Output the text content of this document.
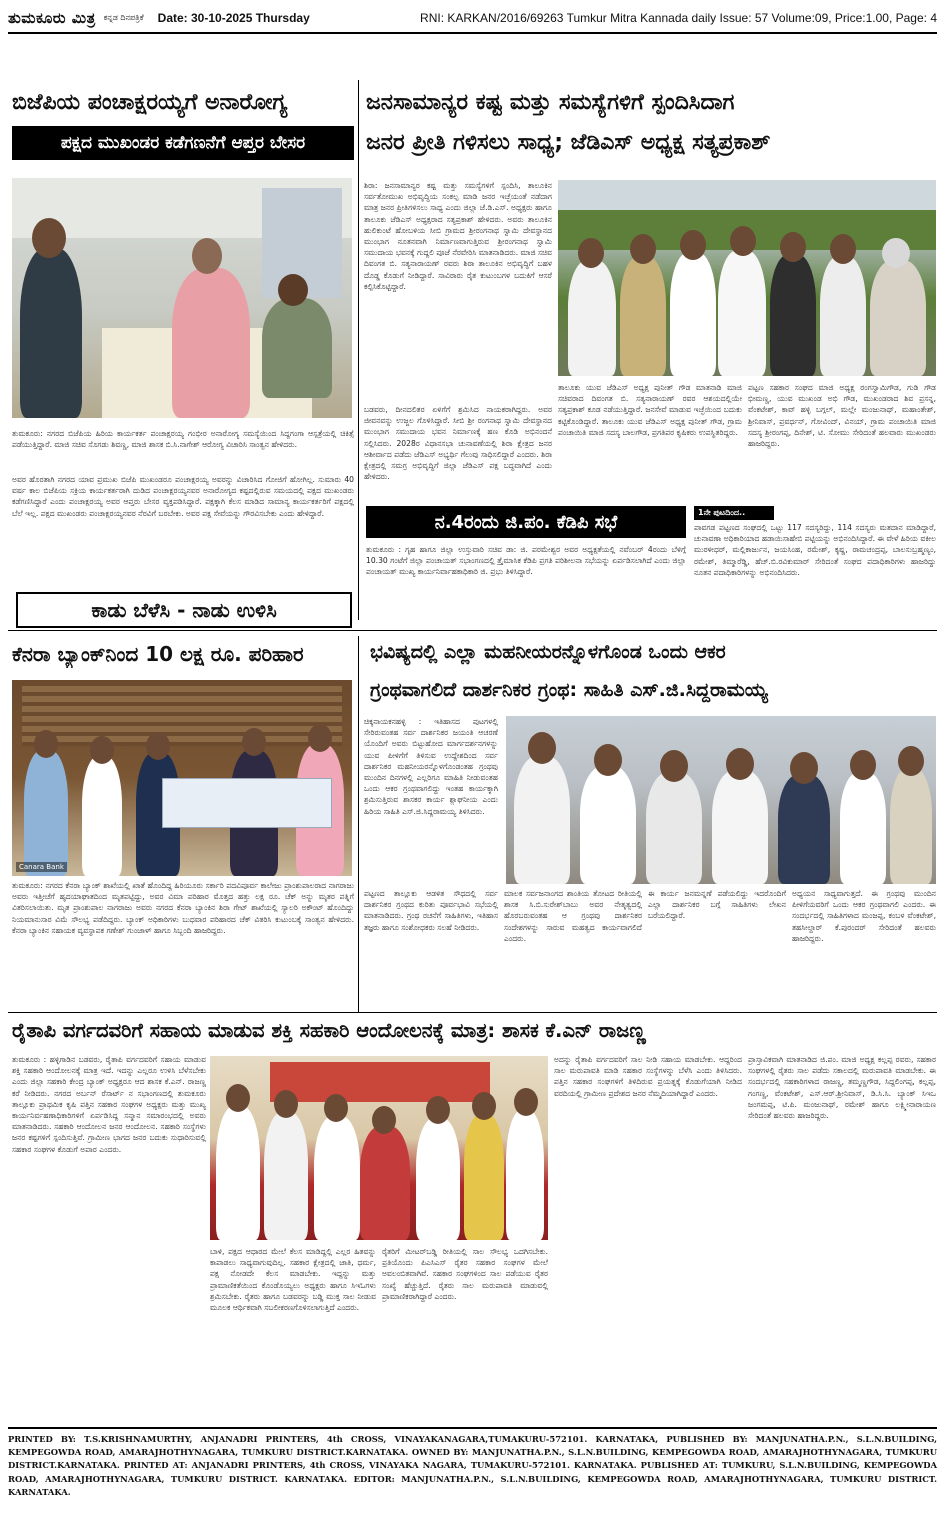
ತುಮಕೂರು ಮಿತ್ರ ಕನ್ನಡ ದಿನಪತ್ರಿಕೆ Date: 30-10-2025 Thursday	RNI: KARKAN/2016/69263 Tumkur Mitra Kannada daily Issue: 57 Volume:09, Price:1.00, Page: 4
ಬಿಜೆಪಿಯ ಪಂಚಾಕ್ಷರಯ್ಯಗೆ ಅನಾರೋಗ್ಯ
ಪಕ್ಷದ ಮುಖಂಡರ ಕಡೆಗಣನೆಗೆ ಆಪ್ತರ ಬೇಸರ
ತುಮಕೂರು: ನಗರದ ಬಿಜೆಪಿಯ ಹಿರಿಯ ಕಾರ್ಯಕರ್ತ ಪಂಚಾಕ್ಷರಯ್ಯ ಗಂಭೀರ ಅನಾರೋಗ್ಯ ಸಮಸ್ಯೆಯಿಂದ ಸಿದ್ದಗಂಗಾ ಆಸ್ಪತ್ರೆಯಲ್ಲಿ ಚಿಕಿತ್ಸೆ ಪಡೆಯುತ್ತಿದ್ದಾರೆ. ಮಾಜಿ ಸಚಿವ ಸೊಗಡು ಶಿವಣ್ಣ, ಮಾಜಿ ಶಾಸಕ ಬಿ.ಸಿ.ನಾಗೇಶ್ ಆರೋಗ್ಯ ವಿಚಾರಿಸಿ ಸಾಂತ್ವನ ಹೇಳಿದರು.
ಅವರ ಹೊರತಾಗಿ ನಗರದ ಯಾವ ಪ್ರಮುಖ ಬಿಜೆಪಿ ಮುಖಂಡರೂ ಪಂಚಾಕ್ಷರಯ್ಯ ಅವರನ್ನು ವಿಚಾರಿಸಿದ ಗೋಜಿಗೆ ಹೋಗಿಲ್ಲ. ಸುಮಾರು 40 ವರ್ಷ ಕಾಲ ಬಿಜೆಪಿಯ ಸಕ್ರಿಯ ಕಾರ್ಯಕರ್ತರಾಗಿ ದುಡಿದ ಪಂಚಾಕ್ಷರಯ್ಯನವರ ಅನಾರೋಗ್ಯದ ಕಷ್ಟದಲ್ಲಿರುವ ಸಮಯದಲ್ಲಿ ಪಕ್ಷದ ಮುಖಂಡರು ಕಡೆಗಣಿಸಿದ್ದಾರೆ ಎಂದು ಪಂಚಾಕ್ಷರಯ್ಯ ಅವರ ಆಪ್ತರು ಬೇಸರ ವ್ಯಕ್ತಪಡಿಸಿದ್ದಾರೆ. ಪಕ್ಷಕ್ಕಾಗಿ ಕೆಲಸ ಮಾಡಿದ ಸಾಮಾನ್ಯ ಕಾರ್ಯಕರ್ತರಿಗೆ ಪಕ್ಷದಲ್ಲಿ ಬೆಲೆ ಇಲ್ಲ. ಪಕ್ಷದ ಮುಖಂಡರು ಪಂಚಾಕ್ಷರಯ್ಯನವರ ನೆರವಿಗೆ ಬರಬೇಕು. ಅವರ ಪಕ್ಷ ಸೇವೆಯನ್ನು ಗೌರವಿಸಬೇಕು ಎಂದು ಹೇಳಿದ್ದಾರೆ.
ಜನಸಾಮಾನ್ಯರ ಕಷ್ಟ ಮತ್ತು ಸಮಸ್ಯೆಗಳಿಗೆ ಸ್ಪಂದಿಸಿದಾಗ
ಜನರ ಪ್ರೀತಿ ಗಳಿಸಲು ಸಾಧ್ಯ; ಜೆಡಿಎಸ್ ಅಧ್ಯಕ್ಷ ಸತ್ಯಪ್ರಕಾಶ್
ಶಿರಾ: ಜನಸಾಮಾನ್ಯರ ಕಷ್ಟ ಮತ್ತು ಸಮಸ್ಯೆಗಳಿಗೆ ಸ್ಪಂದಿಸಿ, ತಾಲೂಕಿನ ಸರ್ವತೋಮುಖ ಅಭಿವೃದ್ಧಿಯ ಸಂಕಲ್ಪ ಮಾಡಿ ಜನರ ಇಚ್ಛೆಯಂತೆ ನಡೆದಾಗ ಮಾತ್ರ ಜನರ ಪ್ರೀತಿಗಳಿಸಲು ಸಾಧ್ಯ ಎಂದು ಜಿಲ್ಲಾ ಜೆ.ಡಿ.ಎಸ್. ಅಧ್ಯಕ್ಷರು ಹಾಗೂ ತಾಲೂಕು ಜೆಡಿಎಸ್ ಅಧ್ಯಕ್ಷರಾದ ಸತ್ಯಪ್ರಕಾಶ್ ಹೇಳಿದರು. ಅವರು ತಾಲೂಕಿನ ಹುಲಿಕುಂಟೆ ಹೋಬಳಿಯ ಸೀಬಿ ಗ್ರಾಮದ ಶ್ರೀರಂಗನಾಥ ಸ್ವಾಮಿ ದೇವಸ್ಥಾನದ ಮುಂಭಾಗ ನೂತನವಾಗಿ ನಿರ್ಮಾಣವಾಗುತ್ತಿರುವ ಶ್ರೀರಂಗನಾಥ ಸ್ವಾಮಿ ಸಮುದಾಯ ಭವನಕ್ಕೆ ಗುದ್ದಲಿ ಪೂಜೆ ನೆರವೇರಿಸಿ ಮಾತನಾಡಿದರು. ಮಾಜಿ ಸಚಿವ ದಿವಂಗತ ಬಿ. ಸತ್ಯನಾರಾಯಣ್ ರವರು ಶಿರಾ ತಾಲೂಕಿನ ಅಭಿವೃದ್ಧಿಗೆ ಬಹಳ ದೊಡ್ಡ ಕೊಡುಗೆ ನೀಡಿದ್ದಾರೆ. ಸಾವಿರಾರು ರೈತ ಕುಟುಂಬಗಳ ಬದುಕಿಗೆ ಆಸರೆ ಕಲ್ಪಿಸಿಕೊಟ್ಟಿದ್ದಾರೆ.
ಬಡವರು, ದೀನದಲಿತರ ಏಳಿಗೆಗೆ ಶ್ರಮಿಸಿದ ನಾಯಕರಾಗಿದ್ದರು. ಅವರ ಜೀವನವನ್ನು ಉಜ್ಜಲ ಗೊಳಿಸಿದ್ದಾರೆ. ಸೀಬಿ ಶ್ರೀ ರಂಗನಾಥ ಸ್ವಾಮಿ ದೇವಸ್ಥಾನದ ಮುಂಭಾಗ ಸಮುದಾಯ ಭವನ ನಿರ್ಮಾಣಕ್ಕೆ ಹಣ ಕೊಡಿ ಅಭಿನಂದನೆ ಸಲ್ಲಿಸಿದರು. 2028ರ ವಿಧಾನಸಭಾ ಚುನಾವಣೆಯಲ್ಲಿ ಶಿರಾ ಕ್ಷೇತ್ರದ ಜನರ ಆಶೀರ್ವಾದ ಪಡೆದು ಜೆಡಿಎಸ್ ಅಭ್ಯರ್ಥಿ ಗೆಲುವು ಸಾಧಿಸಲಿದ್ದಾರೆ ಎಂದರು. ಶಿರಾ ಕ್ಷೇತ್ರದಲ್ಲಿ ಸಮಗ್ರ ಅಭಿವೃದ್ಧಿಗೆ ಜಿಲ್ಲಾ ಜೆಡಿಎಸ್ ಪಕ್ಷ ಬದ್ಧವಾಗಿದೆ ಎಂದು ಹೇಳಿದರು.
ತಾಲೂಕು ಯುವ ಜೆಡಿಎಸ್ ಅಧ್ಯಕ್ಷ ಪುನೀತ್ ಗೌಡ ಮಾತನಾಡಿ ಮಾಜಿ ಸಚಿವರಾದ ದಿವಂಗತ ಬಿ. ಸತ್ಯನಾರಾಯಣ್ ರವರ ಆಶಯದಲ್ಲಿಯೇ ಸತ್ಯಪ್ರಕಾಶ್ ಕೂಡ ನಡೆಯುತ್ತಿದ್ದಾರೆ. ಜನಸೇವೆ ಮಾಡುವ ಇಚ್ಛೆಯಿಂದ ಬದುಕು ಕಟ್ಟಿಕೊಂಡಿದ್ದಾರೆ. ತಾಲೂಕು ಯುವ ಜೆಡಿಎಸ್ ಅಧ್ಯಕ್ಷ ಪುನೀತ್ ಗೌಡ, ಗ್ರಾಮ ಪಂಚಾಯಿತಿ ಮಾಜಿ ಸದಸ್ಯ ಬಾಲಗೌಡ, ಪ್ರಗತಿಪರ ಕೃಷಿಕರು ಉಪಸ್ಥಿತರಿದ್ದರು.
ಪಟ್ಟಣ ಸಹಕಾರ ಸಂಘದ ಮಾಜಿ ಅಧ್ಯಕ್ಷ ರಂಗಸ್ವಾಮಿಗೌಡ, ಗುಡಿ ಗೌಡ ಭೀಮಣ್ಣ, ಯುವ ಮುಖಂಡ ಅಭಿ ಗೌಡ, ಮುಖಂಡರಾದ ಶಿವ ಪ್ರಸನ್ನ, ವೆಂಕಟೇಶ್, ಕಾವ್ ಹಳ್ಳಿ ಬಗ್ಗಲ್, ಮಲ್ಲೇ ಮಂಜುನಾಥ್, ಮಹಾಂತೇಶ್, ಶ್ರೀನಿವಾಸ್, ಪ್ರವರ್ಧನ್, ಗೋವಿಂದ್, ವಿನಯ್, ಗ್ರಾಮ ಪಂಚಾಯಿತಿ ಮಾಜಿ ಸದಸ್ಯ ಶ್ರೀರಂಗಪ್ಪ, ದಿನೇಶ್, ಟಿ. ಸೋಮು ಸೇರಿದಂತೆ ಹಲವಾರು ಮುಖಂಡರು ಹಾಜರಿದ್ದರು.
ನ.4ರಂದು ಜಿ.ಪಂ. ಕೆಡಿಪಿ ಸಭೆ
ತುಮಕೂರು : ಗೃಹ ಹಾಗೂ ಜಿಲ್ಲಾ ಉಸ್ತುವಾರಿ ಸಚಿವ ಡಾ: ಜಿ. ಪರಮೇಶ್ವರ ಅವರ ಅಧ್ಯಕ್ಷತೆಯಲ್ಲಿ ನವೆಂಬರ್ 4ರಂದು ಬೆಳಿಗ್ಗೆ 10.30 ಗಂಟೆಗೆ ಜಿಲ್ಲಾ ಪಂಚಾಯತ್ ಸಭಾಂಗಣದಲ್ಲಿ ತ್ರೈಮಾಸಿಕ ಕೆಡಿಪಿ ಪ್ರಗತಿ ಪರಿಶೀಲನಾ ಸಭೆಯನ್ನು ಏರ್ಪಡಿಸಲಾಗಿದೆ ಎಂದು ಜಿಲ್ಲಾ ಪಂಚಾಯತ್ ಮುಖ್ಯ ಕಾರ್ಯನಿರ್ವಾಹಕಾಧಿಕಾರಿ ಜಿ. ಪ್ರಭು ತಿಳಿಸಿದ್ದಾರೆ.
1ನೇ ಪುಟದಿಂದ..
ಪಾವಗಡ ಪಟ್ಟಣದ ಸಂಘದಲ್ಲಿ ಒಟ್ಟು 117 ಸದಸ್ಯರಿದ್ದು, 114 ಸದಸ್ಯರು ಮತದಾನ ಮಾಡಿದ್ದಾರೆ, ಚುನಾವಣಾ ಅಧಿಕಾರಿಯಾದ ಹಡಾಯಿಸಾಹೇಬಿ ಪಟ್ಟಿಯನ್ನು ಅಭಿನಂದಿಸಿದ್ದಾರೆ. ಈ ವೇಳೆ ಹಿರಿಯ ವಕೀಲ ಮುರಳೀಧರ್, ಮಲ್ಲಿಕಾರ್ಜುನ, ಜಯಸಿಂಹ, ರಮೇಶ್, ಕೃಷ್ಣ, ರಾಮಚಂದ್ರಪ್ಪ, ಬಾಲಸುಬ್ರಹ್ಮಣ್ಯಂ, ರಮೇಶ್, ತಿಮ್ಮಾರೆಡ್ಡಿ, ಹೆಚ್.ಬಿ.ರವಿಕುಮಾರ್ ಸೇರಿದಂತೆ ಸಂಘದ ಪದಾಧಿಕಾರಿಗಳು ಹಾಜರಿದ್ದು ನೂತನ ಪದಾಧಿಕಾರಿಗಳನ್ನು ಅಭಿನಂದಿಸಿದರು.
ಕಾಡು ಬೆಳೆಸಿ - ನಾಡು ಉಳಿಸಿ
ಕೆನರಾ ಬ್ಯಾಂಕ್‌ನಿಂದ 10 ಲಕ್ಷ ರೂ. ಪರಿಹಾರ
Canara Bank
ತುಮಕೂರು: ನಗರದ ಕೆನರಾ ಬ್ಯಾಂಕ್ ಶಾಖೆಯಲ್ಲಿ ಖಾತೆ ಹೊಂದಿದ್ದ ಹಿರಿಯೂರು ಸರ್ಕಾರಿ ಪದವಿಪೂರ್ವ ಕಾಲೇಜು ಪ್ರಾಂಶುಪಾಲರಾದ ನಾಗರಾಜು ಅವರು ಇತ್ತೀಚೆಗೆ ಹೃದಯಾಘಾತದಿಂದ ಮೃತಪಟ್ಟಿದ್ದು, ಅವರ ವಿಮಾ ಪರಿಹಾರ ಮೊತ್ತದ ಹತ್ತು ಲಕ್ಷ ರೂ. ಚೆಕ್ ಅನ್ನು ಮೃತರ ಪತ್ನಿಗೆ ವಿತರಿಸಲಾಯಿತು. ಮೃತ ಪ್ರಾಂಶುಪಾಲ ನಾಗರಾಜು ಅವರು ನಗರದ ಕೆನರಾ ಬ್ಯಾಂಕಿನ ಶಿರಾ ಗೇಟ್ ಶಾಖೆಯಲ್ಲಿ ಸ್ಯಾಲರಿ ಅಕೌಂಟ್ ಹೊಂದಿದ್ದು ನಿಯಮಾನುಸಾರ ವಿಮೆ ಸೌಲಭ್ಯ ಪಡೆದಿದ್ದರು. ಬ್ಯಾಂಕ್ ಅಧಿಕಾರಿಗಳು ಬುಧವಾರ ಪರಿಹಾರದ ಚೆಕ್ ವಿತರಿಸಿ ಕುಟುಂಬಕ್ಕೆ ಸಾಂತ್ವನ ಹೇಳಿದರು. ಕೆನರಾ ಬ್ಯಾಂಕಿನ ಸಹಾಯಕ ವ್ಯವಸ್ಥಾಪಕ ಗಣೇಶ್ ಗುಂಜಾಳ್ ಹಾಗೂ ಸಿಬ್ಬಂದಿ ಹಾಜರಿದ್ದರು.
ಭವಿಷ್ಯದಲ್ಲಿ ಎಲ್ಲಾ ಮಹನೀಯರನ್ನೊಳಗೊಂಡ ಒಂದು ಆಕರ
ಗ್ರಂಥವಾಗಲಿದೆ ದಾರ್ಶನಿಕರ ಗ್ರಂಥ: ಸಾಹಿತಿ ಎಸ್.ಜಿ.ಸಿದ್ದರಾಮಯ್ಯ
ಚಿಕ್ಕನಾಯಕನಹಳ್ಳಿ : ಇತಿಹಾಸದ ಪುಟಗಳಲ್ಲಿ ಸೇರಿರುವಂತಹ ಸರ್ವ ದಾರ್ಶನಿಕರ ಜಯಂತಿ ಆಚರಣೆ ಯೊಂದಿಗೆ ಅವರು ಬಿಟ್ಟುಹೋದ ಮಾರ್ಗದರ್ಶನಗಳನ್ನು ಯುವ ಪೀಳಿಗೆಗೆ ತಿಳಿಸುವ ಉದ್ದೇಶದಿಂದ ಸರ್ವ ದಾರ್ಶನಿಕರ ಮಹನೀಯರನ್ನೊಳಗೊಂಡಂತಹ ಗ್ರಂಥವು ಮುಂದಿನ ದಿನಗಳಲ್ಲಿ ಎಲ್ಲರಿಗೂ ಮಾಹಿತಿ ನೀಡುವಂತಹ ಒಂದು ಆಕರ ಗ್ರಂಥವಾಗಲಿದ್ದು ಇಂತಹ ಕಾರ್ಯಕ್ಕಾಗಿ ಶ್ರಮಿಸುತ್ತಿರುವ ಶಾಸಕರ ಕಾರ್ಯ ಶ್ಲಾಘನೀಯ ಎಂದು ಹಿರಿಯ ಸಾಹಿತಿ ಎಸ್.ಜಿ.ಸಿದ್ದರಾಮಯ್ಯ ತಿಳಿಸಿದರು.
ಪಟ್ಟಣದ ತಾಲ್ಲೂಕು ಆಡಳಿತ ಸೌಧದಲ್ಲಿ ಸರ್ವ ದಾರ್ಶನಿಕರ ಗ್ರಂಥದ ಕುರಿತು ಪೂರ್ವಭಾವಿ ಸಭೆಯಲ್ಲಿ ಮಾತನಾಡಿದರು. ಗ್ರಂಥ ರಚನೆಗೆ ಸಾಹಿತಿಗಳು, ಇತಿಹಾಸ ತಜ್ಞರು ಹಾಗೂ ಸಂಶೋಧಕರು ಸಲಹೆ ನೀಡಿದರು.
ಮಾಲಕ ಸರ್ವಜನಾಂಗದ ಶಾಂತಿಯ ತೋಟದ ರೀತಿಯಲ್ಲಿ ಶಾಸಕ ಸಿ.ಬಿ.ಸುರೇಶ್‌ಬಾಬು ಅವರ ನೇತೃತ್ವದಲ್ಲಿ ಹೊರಬರುವಂತಹ ಆ ಗ್ರಂಥವು ದಾರ್ಶನಿಕರ ಸಂದೇಶಗಳನ್ನು ಸಾರುವ ಮಹತ್ವದ ಕಾರ್ಯವಾಗಲಿದೆ ಎಂದರು.
ಈ ಕಾರ್ಯ ಜನಮನ್ನಣೆ ಪಡೆಯಲಿದ್ದು ಇದರೊಂದಿಗೆ ಎಲ್ಲಾ ದಾರ್ಶನಿಕರ ಬಗ್ಗೆ ಸಾಹಿತಿಗಳು ಲೇಖನ ಬರೆಯಲಿದ್ದಾರೆ.
ಅಧ್ಯಯನ ಸಾಧ್ಯವಾಗುತ್ತದೆ. ಈ ಗ್ರಂಥವು ಮುಂದಿನ ಪೀಳಿಗೆಯವರಿಗೆ ಒಂದು ಆಕರ ಗ್ರಂಥವಾಗಲಿ ಎಂದರು. ಈ ಸಂದರ್ಭದಲ್ಲಿ ಸಾಹಿತಿಗಳಾದ ಮಂಜಪ್ಪ, ಕಂಬಳ ವೆಂಕಟೇಶ್, ತಹಸೀಲ್ದಾರ್ ಕೆ.ಪುರಂದರ್ ಸೇರಿದಂತೆ ಹಲವರು ಹಾಜರಿದ್ದರು.
ರೈತಾಪಿ ವರ್ಗದವರಿಗೆ ಸಹಾಯ ಮಾಡುವ ಶಕ್ತಿ ಸಹಕಾರಿ ಆಂದೋಲನಕ್ಕೆ ಮಾತ್ರ: ಶಾಸಕ ಕೆ.ಎನ್ ರಾಜಣ್ಣ
ತುಮಕೂರು : ಹಳ್ಳಿಗಾಡಿನ ಬಡವರು, ರೈತಾಪಿ ವರ್ಗದವರಿಗೆ ಸಹಾಯ ಮಾಡುವ ಶಕ್ತಿ ಸಹಕಾರಿ ಆಂದೋಲನಕ್ಕೆ ಮಾತ್ರ ಇದೆ. ಇದನ್ನು ಎಲ್ಲರೂ ಉಳಿಸಿ ಬೆಳೆಸಬೇಕು ಎಂದು ಜಿಲ್ಲಾ ಸಹಕಾರಿ ಕೇಂದ್ರ ಬ್ಯಾಂಕ್ ಅಧ್ಯಕ್ಷರೂ ಆದ ಶಾಸಕ ಕೆ.ಎನ್. ರಾಜಣ್ಣ ಕರೆ ನೀಡಿದರು. ನಗರದ ಅರ್ಬನ್ ರೆಸಾರ್ಟ್ ನ ಸಭಾಂಗಣದಲ್ಲಿ ತುಮಕೂರು ತಾಲ್ಲೂಕು ಪ್ರಾಥಮಿಕ ಕೃಷಿ ಪತ್ತಿನ ಸಹಕಾರ ಸಂಘಗಳ ಅಧ್ಯಕ್ಷರು ಮತ್ತು ಮುಖ್ಯ ಕಾರ್ಯನಿರ್ವಹಣಾಧಿಕಾರಿಗಳಿಗೆ ಏರ್ಪಡಿಸಿದ್ದ ಸನ್ಮಾನ ಸಮಾರಂಭದಲ್ಲಿ ಅವರು ಮಾತನಾಡಿದರು. ಸಹಕಾರಿ ಆಂದೋಲನ ಜನರ ಆಂದೋಲನ. ಸಹಕಾರಿ ಸಂಸ್ಥೆಗಳು ಜನರ ಕಷ್ಟಗಳಿಗೆ ಸ್ಪಂದಿಸುತ್ತಿವೆ. ಗ್ರಾಮೀಣ ಭಾಗದ ಜನರ ಬದುಕು ಸುಧಾರಿಸುವಲ್ಲಿ ಸಹಕಾರ ಸಂಘಗಳ ಕೊಡುಗೆ ಅಪಾರ ಎಂದರು.
ಬಾಳಿ, ಪಕ್ಷದ ಆಧಾರದ ಮೇಲೆ ಕೆಲಸ ಮಾಡಿದ್ದಲ್ಲಿ ಎಲ್ಲರ ಹಿತವನ್ನು ಕಾಪಾಡಲು ಸಾಧ್ಯವಾಗುವುದಿಲ್ಲ. ಸಹಕಾರ ಕ್ಷೇತ್ರದಲ್ಲಿ ಜಾತಿ, ಧರ್ಮ, ಪಕ್ಷ ನೋಡದೇ ಕೆಲಸ ಮಾಡಬೇಕು. ಇದ್ದನ್ನು ಮತ್ತು ಪ್ರಾಮಾಣಿಕತೆಯಿಂದ ಕೊಂಡೊಯ್ಯಲು ಅಧ್ಯಕ್ಷರು ಹಾಗೂ ಸಿಇಓಗಳು ಶ್ರಮಿಸಬೇಕು. ರೈತರು ಹಾಗೂ ಬಡವರನ್ನು ಬಡ್ಡಿ ಮುಕ್ತ ಸಾಲ ನೀಡುವ ಮೂಲಕ ಆರ್ಥಿಕವಾಗಿ ಸಬಲೀಕರಣಗೊಳಿಸಲಾಗುತ್ತಿದೆ ಎಂದರು.
ರೈತರಿಗೆ ಮೀಟರ್‌ಬಡ್ಡಿ ರೀತಿಯಲ್ಲಿ ಸಾಲ ಸೌಲಭ್ಯ ಒದಗಿಸಬೇಕು. ಪ್ರತಿಯೊಂದು ಪಿಎಸಿಎಸ್ ರೈತರ ಸಹಕಾರ ಸಂಘಗಳ ಮೇಲೆ ಅವಲಂಬಿತವಾಗಿವೆ. ಸಹಕಾರ ಸಂಘಗಳಿಂದ ಸಾಲ ಪಡೆಯುವ ರೈತರ ಸಂಖ್ಯೆ ಹೆಚ್ಚುತ್ತಿದೆ. ರೈತರು ಸಾಲ ಮರುಪಾವತಿ ಮಾಡುವಲ್ಲಿ ಪ್ರಾಮಾಣಿಕರಾಗಿದ್ದಾರೆ ಎಂದರು.
ಅದನ್ನು ರೈತಾಪಿ ವರ್ಗದವರಿಗೆ ಸಾಲ ನೀಡಿ ಸಹಾಯ ಮಾಡಬೇಕು. ಆದ್ದರಿಂದ ಸಾಲ ಮರುಪಾವತಿ ಮಾಡಿ ಸಹಕಾರ ಸಂಸ್ಥೆಗಳನ್ನು ಬೆಳೆಸಿ ಎಂದು ತಿಳಿಸಿದರು. ಪತ್ತಿನ ಸಹಕಾರ ಸಂಘಗಳಿಗೆ ತಿಳಿದಿರುವ ಪ್ರಯತ್ನಕ್ಕೆ ಕೊಡುಗೆಯಾಗಿ ನೀಡಿದ ವರದಿಯಲ್ಲಿ ಗ್ರಾಮೀಣ ಪ್ರದೇಶದ ಜನರ ನೆಮ್ಮದಿಯಾಗಿದ್ದಾರೆ ಎಂದರು.
ಪ್ರಾಸ್ತಾವಿಕವಾಗಿ ಮಾತನಾಡಿದ ಜಿ.ಪಂ. ಮಾಜಿ ಅಧ್ಯಕ್ಷ ಕಲ್ಲಪ್ಪ ರವರು, ಸಹಕಾರ ಸಂಘಗಳಲ್ಲಿ ರೈತರು ಸಾಲ ಪಡೆದು ಸಕಾಲದಲ್ಲಿ ಮರುಪಾವತಿ ಮಾಡಬೇಕು. ಈ ಸಂದರ್ಭದಲ್ಲಿ ಸಹಕಾರಿಗಳಾದ ರಾಜಣ್ಣ, ತಮ್ಮಣ್ಣಗೌಡ, ಸಿದ್ದಲಿಂಗಪ್ಪ, ಕಲ್ಲಪ್ಪ, ಗಂಗಣ್ಣ, ವೆಂಕಟೇಶ್, ಎಸ್.ಆರ್.ಶ್ರೀನಿವಾಸ್, ಡಿ.ಸಿ.ಸಿ. ಬ್ಯಾಂಕ್ ಸಿಇಒ ಜಂಗಮಪ್ಪ, ಟಿ.ಪಿ. ಮಂಜುನಾಥ್, ರಮೇಶ್ ಹಾಗೂ ಲಕ್ಷ್ಮೀನಾರಾಯಣ ಸೇರಿದಂತೆ ಹಲವರು ಹಾಜರಿದ್ದರು.
PRINTED BY: T.S.KRISHNAMURTHY, ANJANADRI PRINTERS, 4th CROSS, VINAYAKANAGARA,TUMAKURU-572101. KARNATAKA, PUBLISHED BY: MANJUNATHA.P.N., S.L.N.BUILDING, KEMPEGOWDA ROAD, AMARAJHOTHYNAGARA, TUMKURU DISTRICT.KARNATAKA. OWNED BY: MANJUNATHA.P.N., S.L.N.BUILDING, KEMPEGOWDA ROAD, AMARAJHOTHYNAGARA, TUMKURU DISTRICT.KARNATAKA. PRINTED AT: ANJANADRI PRINTERS, 4th CROSS, VINAYAKA NAGARA, TUMAKURU-572101. KARNATAKA. PUBLISHED AT: TUMKURU, S.L.N.BUILDING, KEMPEGOWDA ROAD, AMARAJHOTHYNAGARA, TUMKURU DISTRICT. KARNATAKA. EDITOR: MANJUNATHA.P.N., S.L.N.BUILDING, KEMPEGOWDA ROAD, AMARAJHOTHYNAGARA, TUMKURU DISTRICT. KARNATAKA.
